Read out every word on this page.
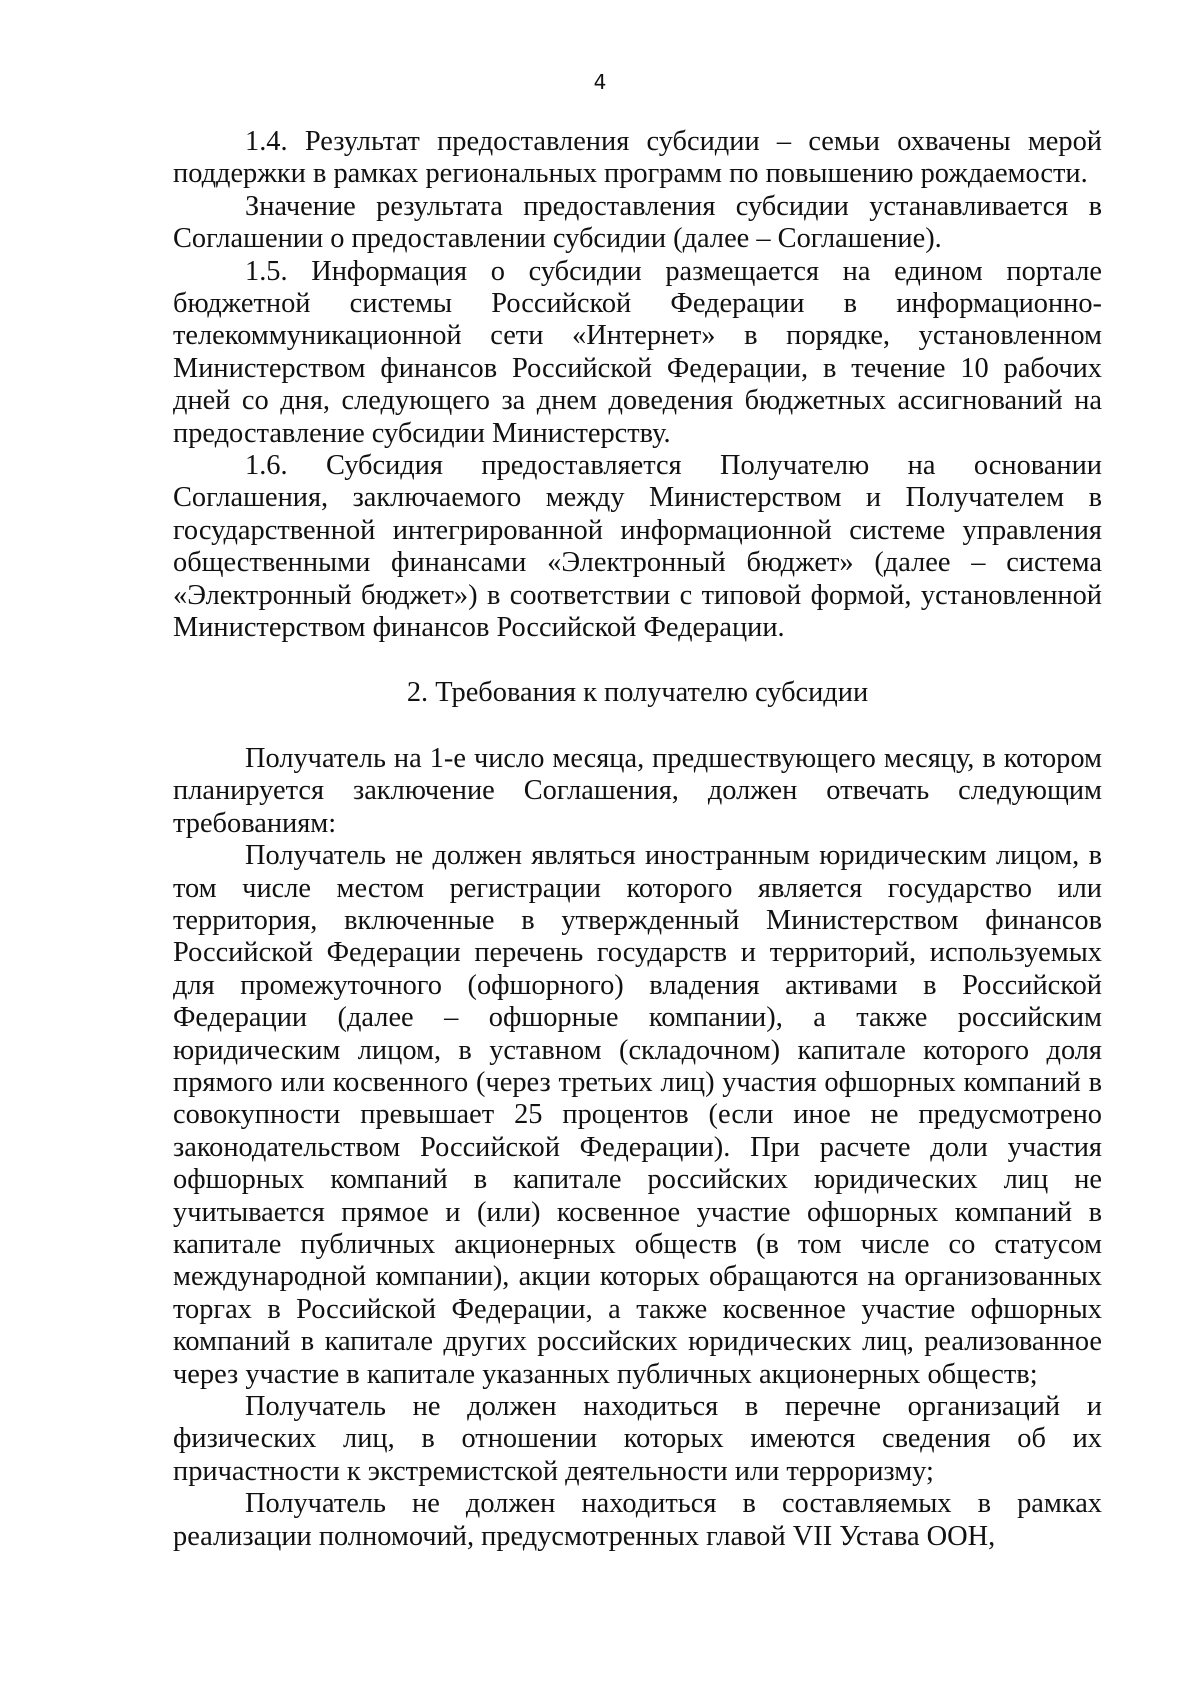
4

1.4. Результат предоставления субсидии – семьи охвачены мерой поддержки в рамках региональных программ по повышению рождаемости.

Значение результата предоставления субсидии устанавливается в Соглашении о предоставлении субсидии (далее – Соглашение).

1.5. Информация о субсидии размещается на едином портале бюджетной системы Российской Федерации в информационно-телекоммуникационной сети «Интернет» в порядке, установленном Министерством финансов Российской Федерации, в течение 10 рабочих дней со дня, следующего за днем доведения бюджетных ассигнований на предоставление субсидии Министерству.

1.6. Субсидия предоставляется Получателю на основании Соглашения, заключаемого между Министерством и Получателем в государственной интегрированной информационной системе управления общественными финансами «Электронный бюджет» (далее – система «Электронный бюджет») в соответствии с типовой формой, установленной Министерством финансов Российской Федерации.

2. Требования к получателю субсидии

Получатель на 1-е число месяца, предшествующего месяцу, в котором планируется заключение Соглашения, должен отвечать следующим требованиям:

Получатель не должен являться иностранным юридическим лицом, в том числе местом регистрации которого является государство или территория, включенные в утвержденный Министерством финансов Российской Федерации перечень государств и территорий, используемых для промежуточного (офшорного) владения активами в Российской Федерации (далее – офшорные компании), а также российским юридическим лицом, в уставном (складочном) капитале которого доля прямого или косвенного (через третьих лиц) участия офшорных компаний в совокупности превышает 25 процентов (если иное не предусмотрено законодательством Российской Федерации). При расчете доли участия офшорных компаний в капитале российских юридических лиц не учитывается прямое и (или) косвенное участие офшорных компаний в капитале публичных акционерных обществ (в том числе со статусом международной компании), акции которых обращаются на организованных торгах в Российской Федерации, а также косвенное участие офшорных компаний в капитале других российских юридических лиц, реализованное через участие в капитале указанных публичных акционерных обществ;

Получатель не должен находиться в перечне организаций и физических лиц, в отношении которых имеются сведения об их причастности к экстремистской деятельности или терроризму;

Получатель не должен находиться в составляемых в рамках реализации полномочий, предусмотренных главой VII Устава ООН,
